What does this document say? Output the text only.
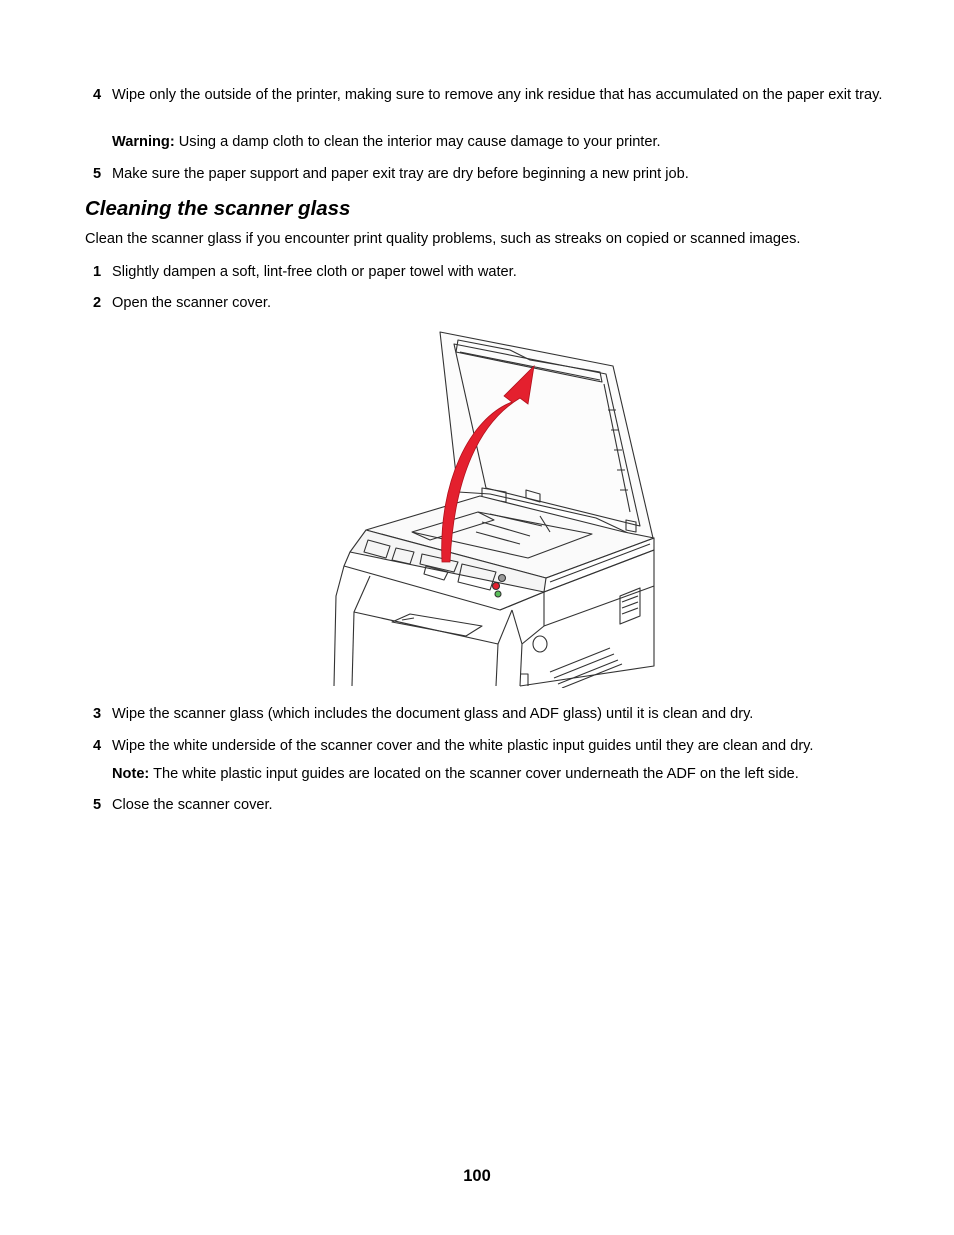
4 Wipe only the outside of the printer, making sure to remove any ink residue that has accumulated on the paper exit tray.
Warning: Using a damp cloth to clean the interior may cause damage to your printer.
5 Make sure the paper support and paper exit tray are dry before beginning a new print job.
Cleaning the scanner glass
Clean the scanner glass if you encounter print quality problems, such as streaks on copied or scanned images.
1 Slightly dampen a soft, lint-free cloth or paper towel with water.
2 Open the scanner cover.
3 Wipe the scanner glass (which includes the document glass and ADF glass) until it is clean and dry.
4 Wipe the white underside of the scanner cover and the white plastic input guides until they are clean and dry.
Note: The white plastic input guides are located on the scanner cover underneath the ADF on the left side.
5 Close the scanner cover.
100
